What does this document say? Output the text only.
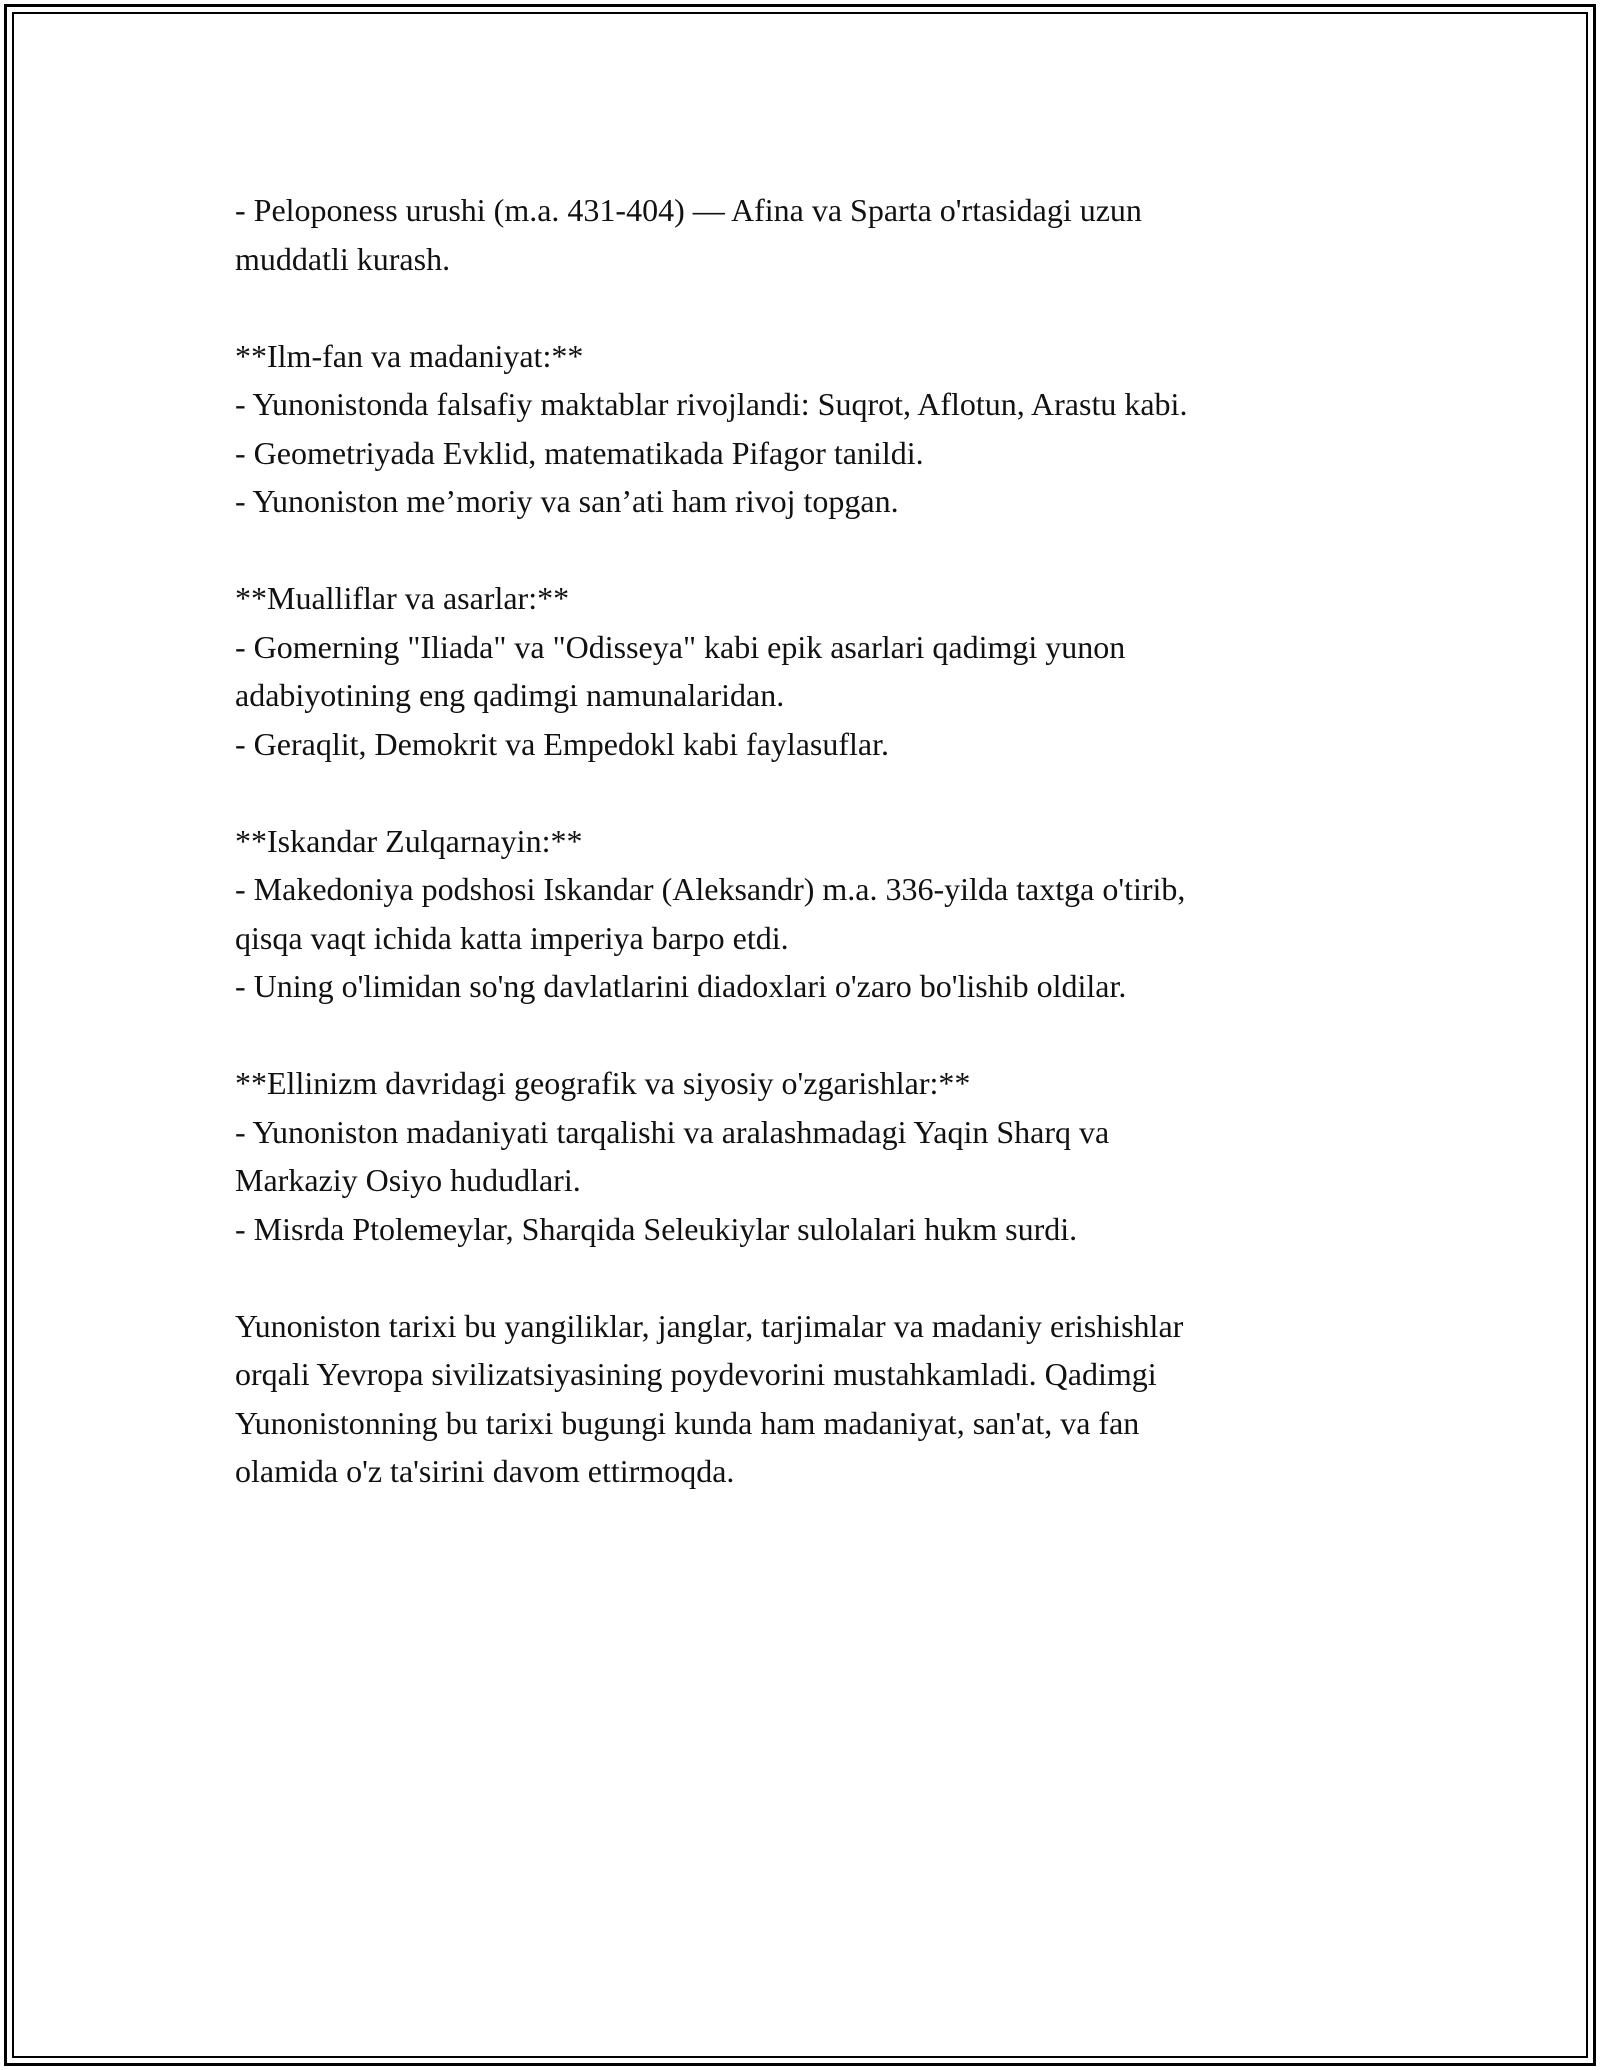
- Peloponess urushi (m.a. 431-404) — Afina va Sparta o'rtasidagi uzun
muddatli kurash.
**Ilm-fan va madaniyat:**
- Yunonistonda falsafiy maktablar rivojlandi: Suqrot, Aflotun, Arastu kabi.
- Geometriyada Evklid, matematikada Pifagor tanildi.
- Yunoniston me’moriy va san’ati ham rivoj topgan.
**Mualliflar va asarlar:**
- Gomerning "Iliada" va "Odisseya" kabi epik asarlari qadimgi yunon
adabiyotining eng qadimgi namunalaridan.
- Geraqlit, Demokrit va Empedokl kabi faylasuflar.
**Iskandar Zulqarnayin:**
- Makedoniya podshosi Iskandar (Aleksandr) m.a. 336-yilda taxtga o'tirib,
qisqa vaqt ichida katta imperiya barpo etdi.
- Uning o'limidan so'ng davlatlarini diadoxlari o'zaro bo'lishib oldilar.
**Ellinizm davridagi geografik va siyosiy o'zgarishlar:**
- Yunoniston madaniyati tarqalishi va aralashmadagi Yaqin Sharq va
Markaziy Osiyo hududlari.
- Misrda Ptolemeylar, Sharqida Seleukiylar sulolalari hukm surdi.
Yunoniston tarixi bu yangiliklar, janglar, tarjimalar va madaniy erishishlar
orqali Yevropa sivilizatsiyasining poydevorini mustahkamladi. Qadimgi
Yunonistonning bu tarixi bugungi kunda ham madaniyat, san'at, va fan
olamida o'z ta'sirini davom ettirmoqda.
